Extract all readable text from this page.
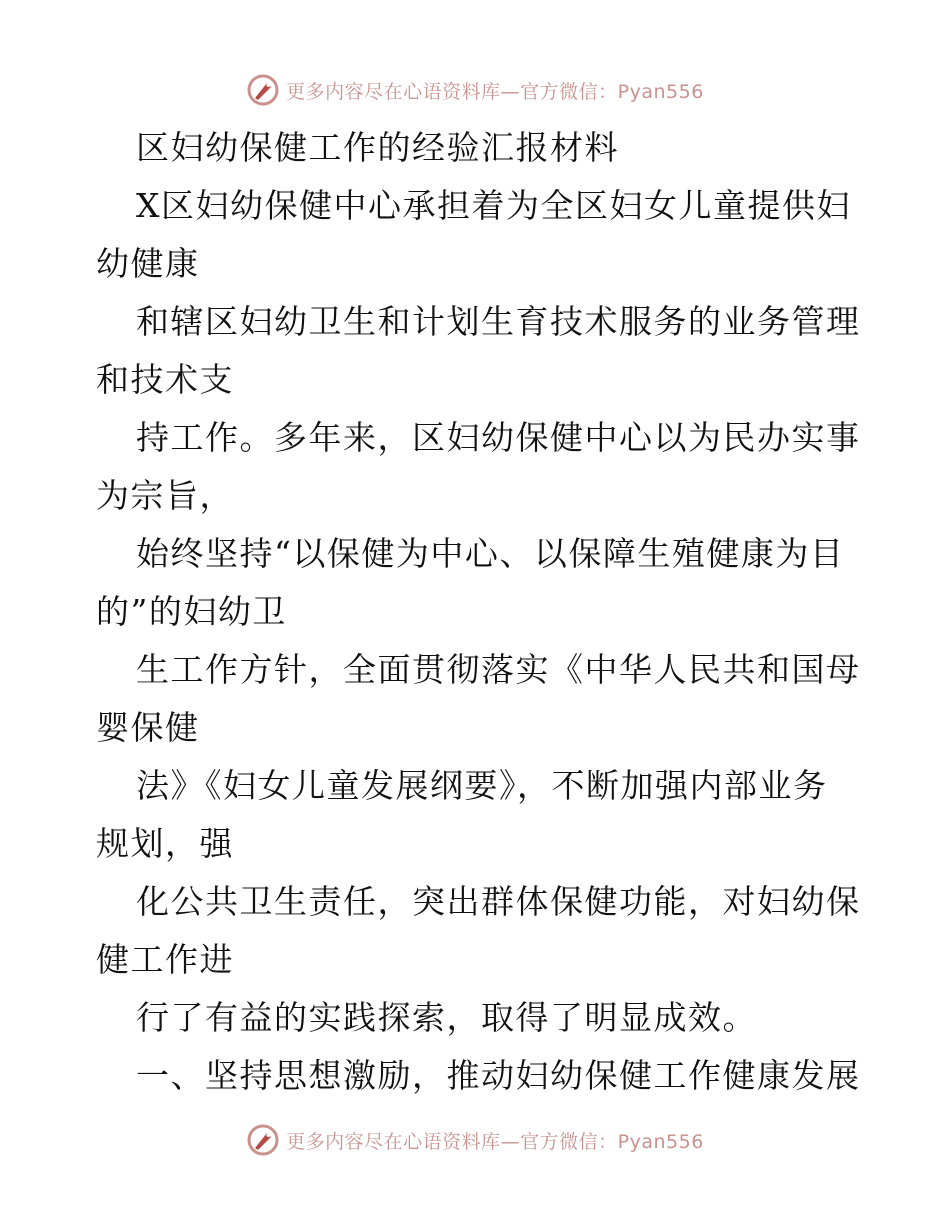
更多内容尽在心语资料库—官方微信：Pyan556
区妇幼保健工作的经验汇报材料
X区妇幼保健中心承担着为全区妇女儿童提供妇
幼健康
和辖区妇幼卫生和计划生育技术服务的业务管理
和技术支
持工作。多年来，区妇幼保健中心以为民办实事
为宗旨，
始终坚持“以保健为中心、以保障生殖健康为目
的”的妇幼卫
生工作方针，全面贯彻落实《中华人民共和国母
婴保健
法》《妇女儿童发展纲要》，不断加强内部业务
规划，强
化公共卫生责任，突出群体保健功能，对妇幼保
健工作进
行了有益的实践探索，取得了明显成效。
一、坚持思想激励，推动妇幼保健工作健康发展
更多内容尽在心语资料库—官方微信：Pyan556
